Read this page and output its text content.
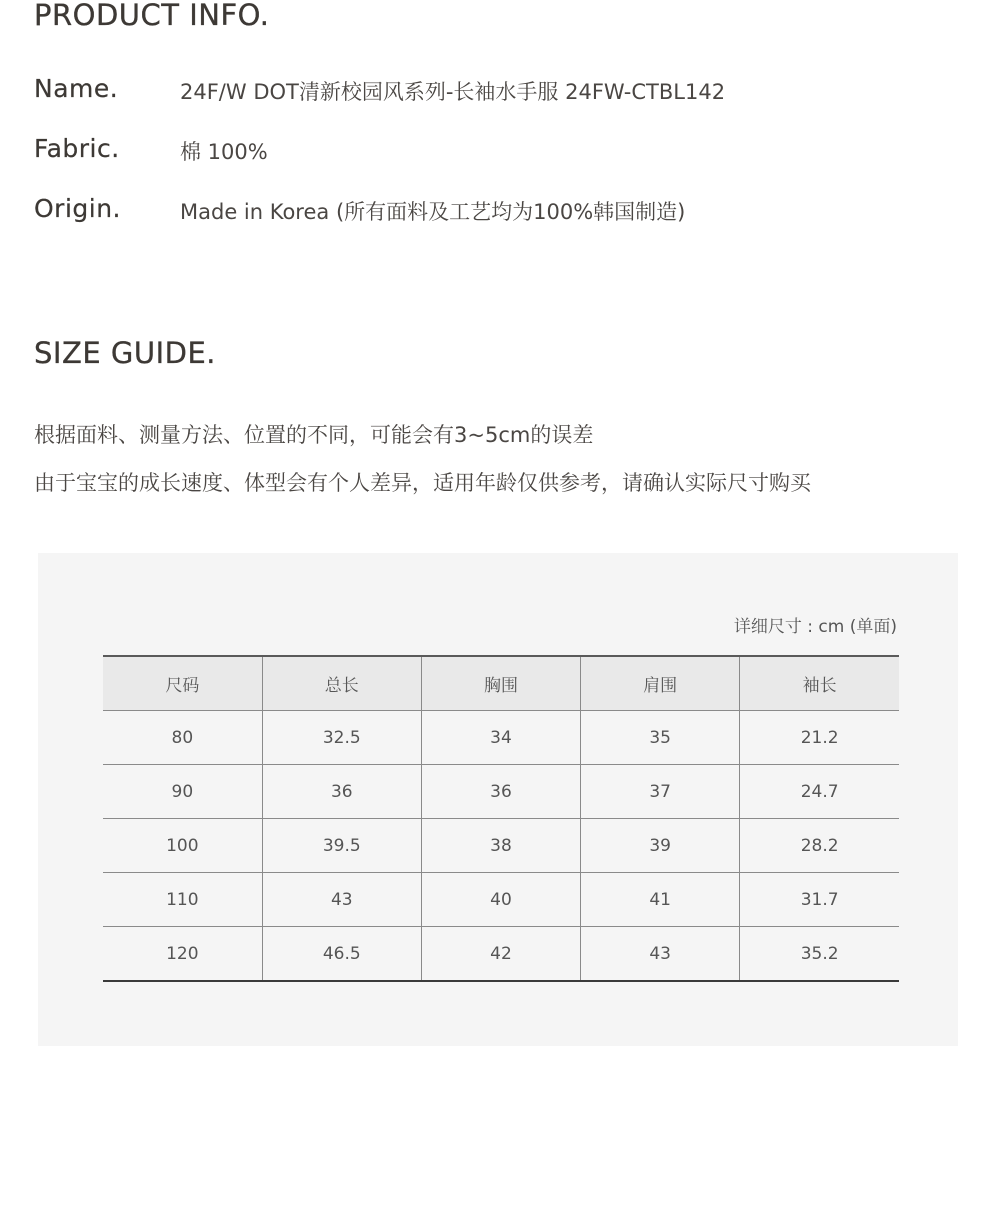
PRODUCT INFO.
Name.	24F/W DOT清新校园风系列-长袖水手服 24FW-CTBL142
Fabric.	棉 100%
Origin.	Made in Korea (所有面料及工艺均为100%韩国制造)
SIZE GUIDE.

根据面料、测量方法、位置的不同，可能会有3~5cm的误差

由于宝宝的成长速度、体型会有个人差异，适用年龄仅供参考，请确认实际尺寸购买

详细尺寸 : cm (单面)
尺码	总长	胸围	肩围	袖长
80	32.5	34	35	21.2
90	36	36	37	24.7
100	39.5	38	39	28.2
110	43	40	41	31.7
120	46.5	42	43	35.2
